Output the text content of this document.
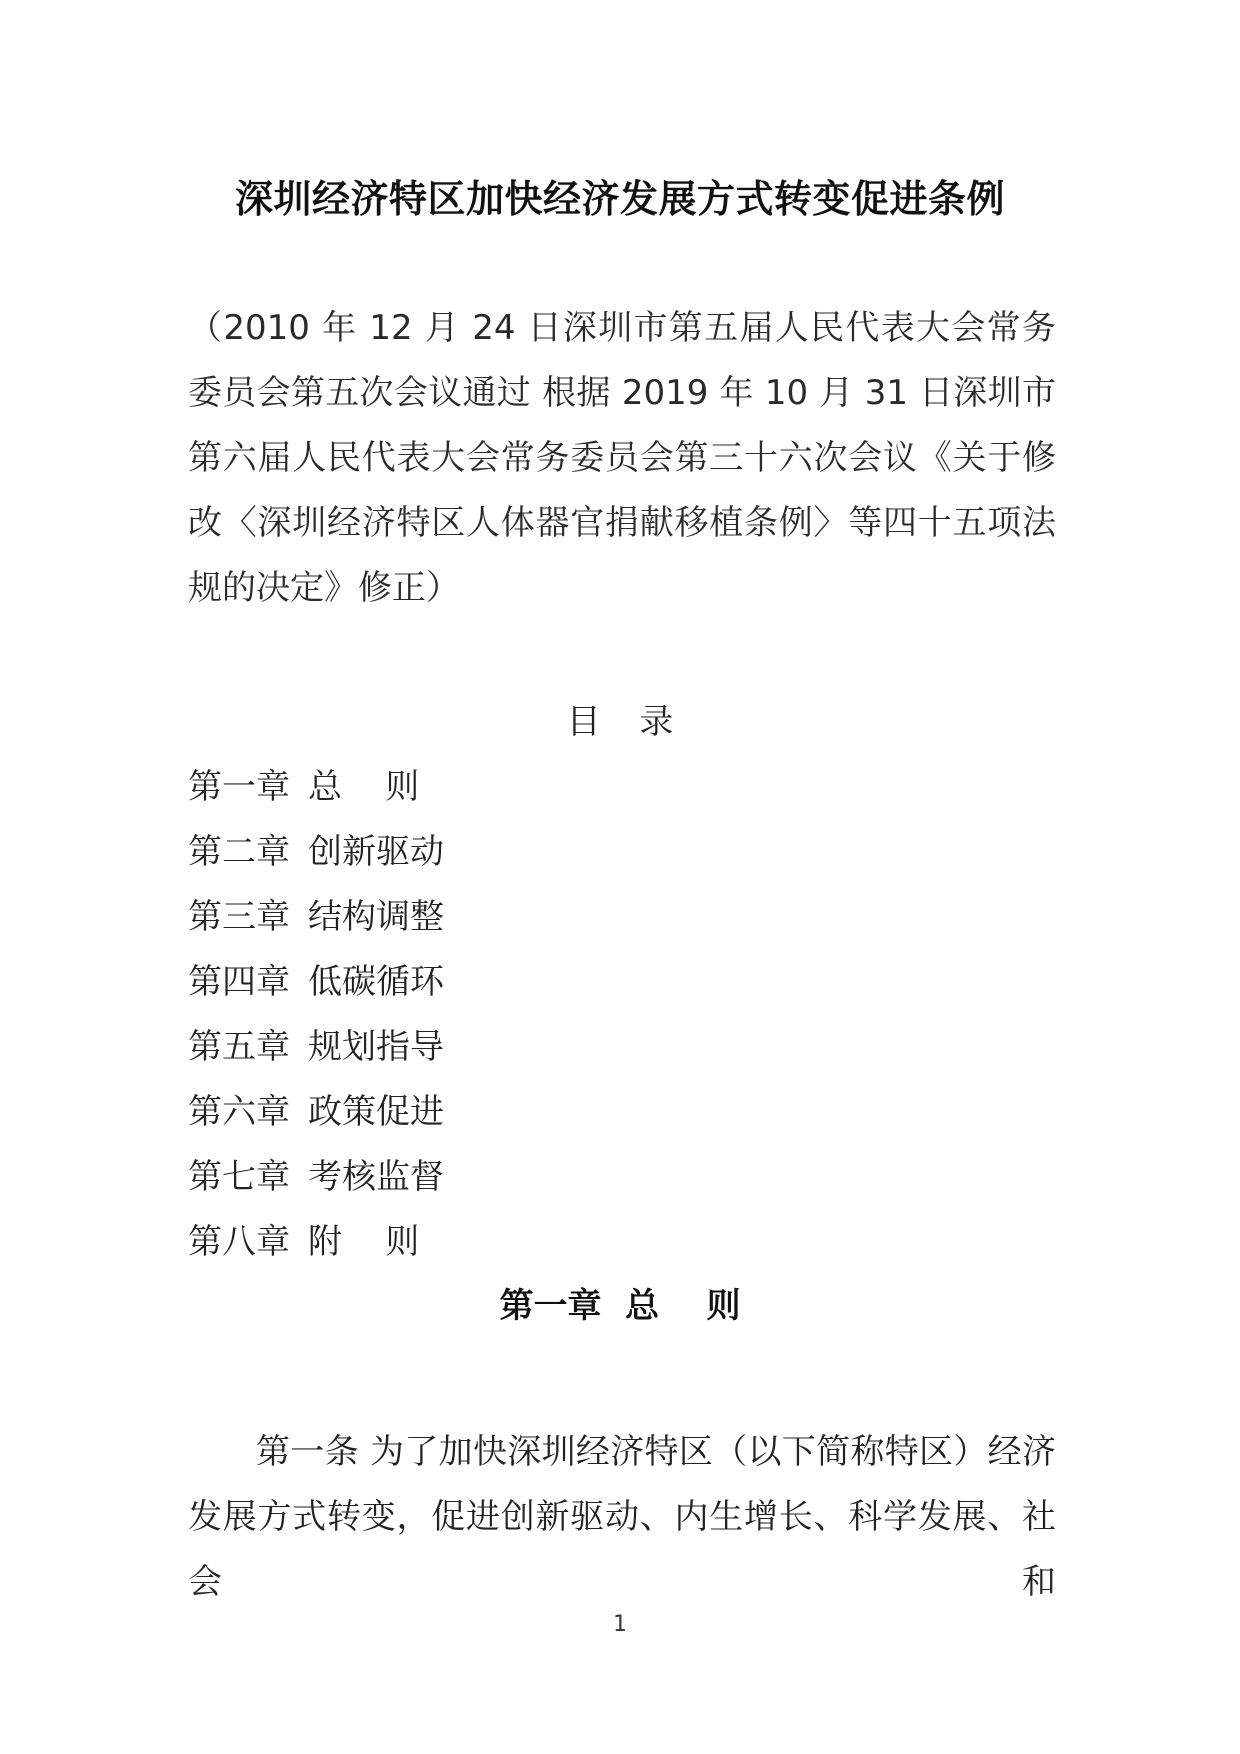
深圳经济特区加快经济发展方式转变促进条例
（2010 年 12 月 24 日深圳市第五届人民代表大会常务委员会第五次会议通过 根据 2019 年 10 月 31 日深圳市第六届人民代表大会常务委员会第三十六次会议《关于修改〈深圳经济特区人体器官捐献移植条例〉等四十五项法规的决定》修正）
目 录
第一章 总    则
第二章 创新驱动
第三章 结构调整
第四章 低碳循环
第五章 规划指导
第六章 政策促进
第七章 考核监督
第八章 附    则
第一章  总    则
第一条 为了加快深圳经济特区（以下简称特区）经济发展方式转变，促进创新驱动、内生增长、科学发展、社会和
1
